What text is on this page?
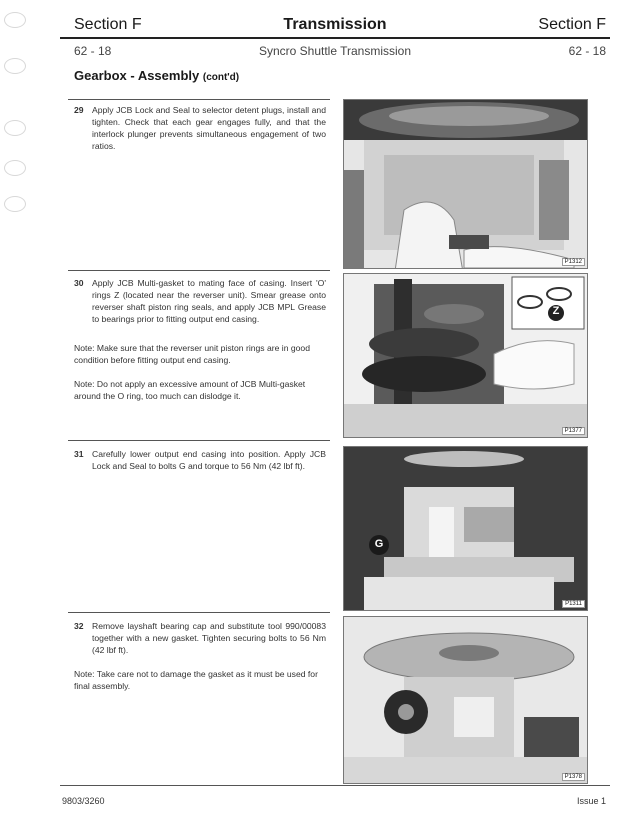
Section F	Transmission	Section F
62 - 18	Syncro Shuttle Transmission	62 - 18
Gearbox - Assembly (cont'd)
29 Apply JCB Lock and Seal to selector detent plugs, install and tighten. Check that each gear engages fully, and that the interlock plunger prevents simultaneous engagement of two ratios.
P1312
30 Apply JCB Multi-gasket to mating face of casing. Insert 'O' rings Z (located near the reverser unit). Smear grease onto reverser shaft piston ring seals, and apply JCB MPL Grease to bearings prior to fitting output end casing.
Note: Make sure that the reverser unit piston rings are in good condition before fitting output end casing.
Note: Do not apply an excessive amount of JCB Multi-gasket around the O ring, too much can dislodge it.
Z
P1377
31 Carefully lower output end casing into position. Apply JCB Lock and Seal to bolts G and torque to 56 Nm (42 lbf ft).
G
P1311
32 Remove layshaft bearing cap and substitute tool 990/00083 together with a new gasket. Tighten securing bolts to 56 Nm (42 lbf ft).
Note: Take care not to damage the gasket as it must be used for final assembly.
P1378
9803/3260	Issue 1
